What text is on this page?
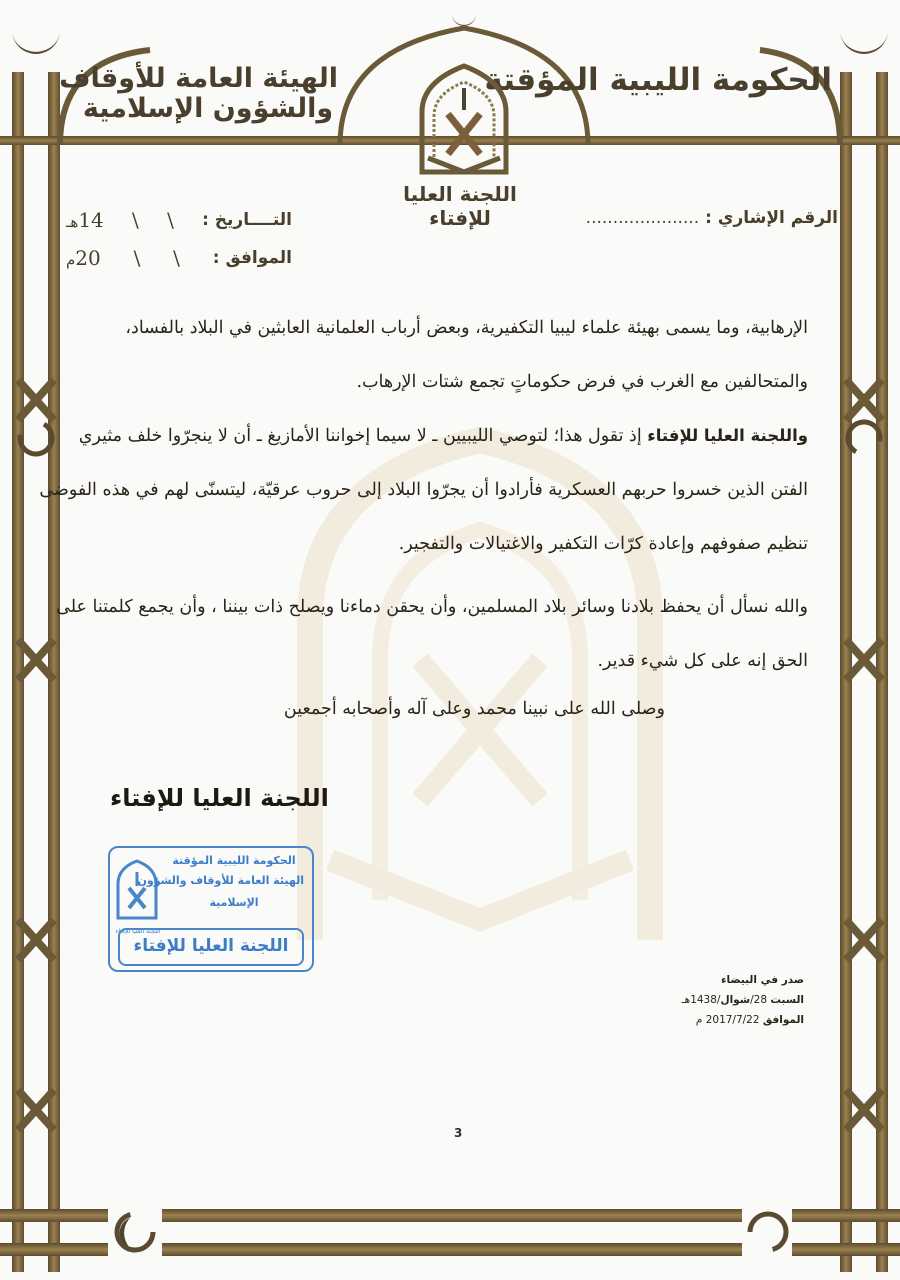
الحكومة الليبية المؤقتة
الهيئة العامة للأوقاف
والشؤون الإسلامية
اللجنة العليا للإفتاء	الرقم الإشاري :.....................
التــــاريخ :
\
\
14هـ
الموافق :
\
\
20م
الإرهابية، وما يسمى بهيئة علماء ليبيا التكفيرية، وبعض أرباب العلمانية العابثين في البلاد بالفساد،
والمتحالفين مع الغرب في فرض حكوماتٍ تجمع شتات الإرهاب.
واللجنة العليا للإفتاء إذ تقول هذا؛ لتوصي الليبيين ـ لا سيما إخواننا الأمازيغ ـ أن لا ينجرّوا خلف مثيري
الفتن الذين خسروا حربهم العسكرية فأرادوا أن يجرّوا البلاد إلى حروب عرقيّة، ليتسنّى لهم في هذه الفوضى
تنظيم صفوفهم وإعادة كرّات التكفير والاغتيالات والتفجير.
والله نسأل أن يحفظ بلادنا وسائر بلاد المسلمين، وأن يحقن دماءنا ويصلح ذات بيننا ، وأن يجمع كلمتنا على
الحق إنه على كل شيء قدير.
وصلى الله على نبينا محمد وعلى آله وأصحابه أجمعين
اللجنة العليا للإفتاء
اللجنة العليا للإفتاء
الحكومة الليبية المؤقتة
الهيئة العامة للأوقاف والشؤون
الإسلامية
اللجنة العليا للإفتاء
صدر في البيضاء
السبت 28/شوال/1438هـ
الموافق 2017/7/22 م
3
